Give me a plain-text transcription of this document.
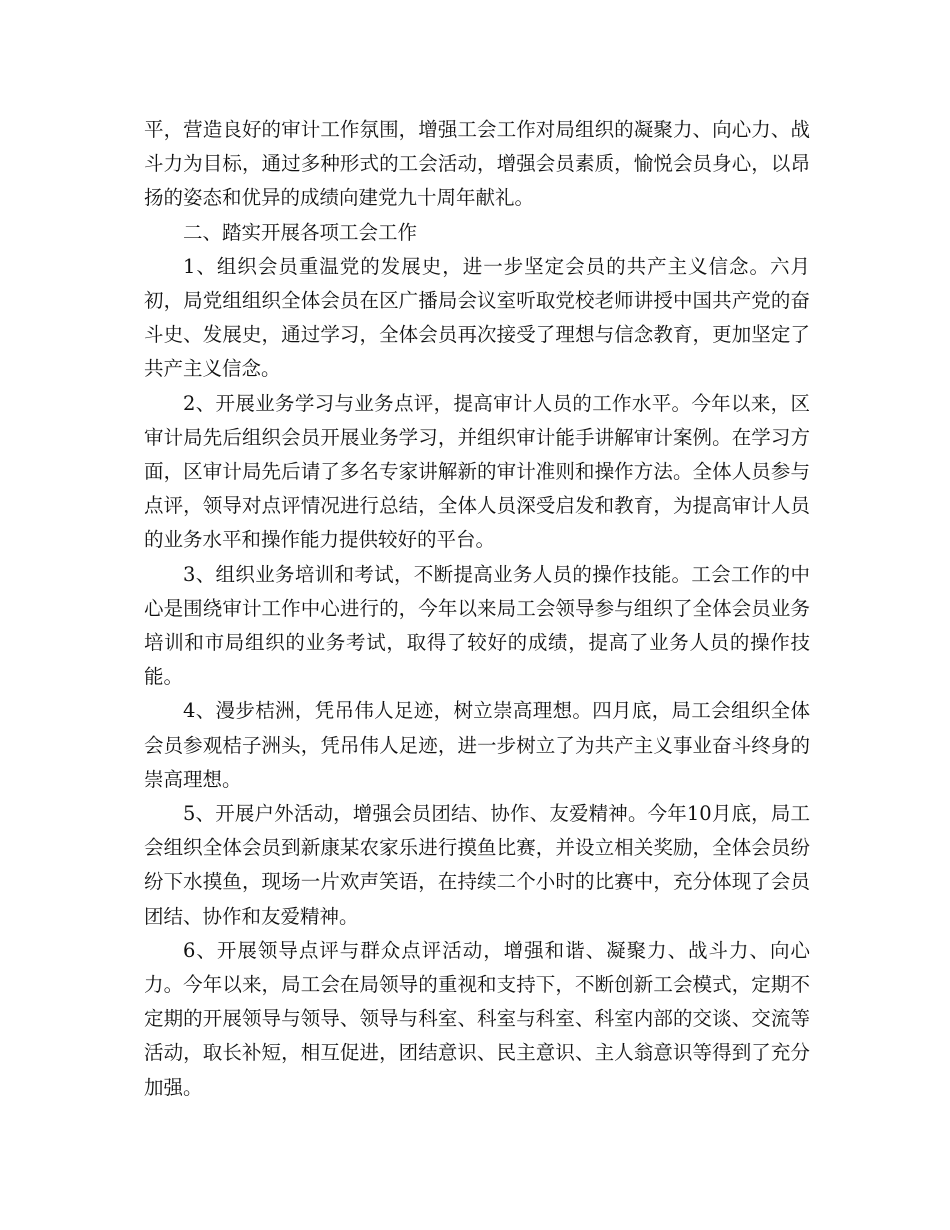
平，营造良好的审计工作氛围，增强工会工作对局组织的凝聚力、向心力、战斗力为目标，通过多种形式的工会活动，增强会员素质，愉悦会员身心，以昂扬的姿态和优异的成绩向建党九十周年献礼。

二、踏实开展各项工会工作

1、组织会员重温党的发展史，进一步坚定会员的共产主义信念。六月初，局党组组织全体会员在区广播局会议室听取党校老师讲授中国共产党的奋斗史、发展史，通过学习，全体会员再次接受了理想与信念教育，更加坚定了共产主义信念。

2、开展业务学习与业务点评，提高审计人员的工作水平。今年以来，区审计局先后组织会员开展业务学习，并组织审计能手讲解审计案例。在学习方面，区审计局先后请了多名专家讲解新的审计准则和操作方法。全体人员参与点评，领导对点评情况进行总结，全体人员深受启发和教育，为提高审计人员的业务水平和操作能力提供较好的平台。

3、组织业务培训和考试，不断提高业务人员的操作技能。工会工作的中心是围绕审计工作中心进行的，今年以来局工会领导参与组织了全体会员业务培训和市局组织的业务考试，取得了较好的成绩，提高了业务人员的操作技能。

4、漫步桔洲，凭吊伟人足迹，树立崇高理想。四月底，局工会组织全体会员参观桔子洲头，凭吊伟人足迹，进一步树立了为共产主义事业奋斗终身的崇高理想。

5、开展户外活动，增强会员团结、协作、友爱精神。今年10月底，局工会组织全体会员到新康某农家乐进行摸鱼比赛，并设立相关奖励，全体会员纷纷下水摸鱼，现场一片欢声笑语，在持续二个小时的比赛中，充分体现了会员团结、协作和友爱精神。

6、开展领导点评与群众点评活动，增强和谐、凝聚力、战斗力、向心力。今年以来，局工会在局领导的重视和支持下，不断创新工会模式，定期不定期的开展领导与领导、领导与科室、科室与科室、科室内部的交谈、交流等活动，取长补短，相互促进，团结意识、民主意识、主人翁意识等得到了充分加强。
